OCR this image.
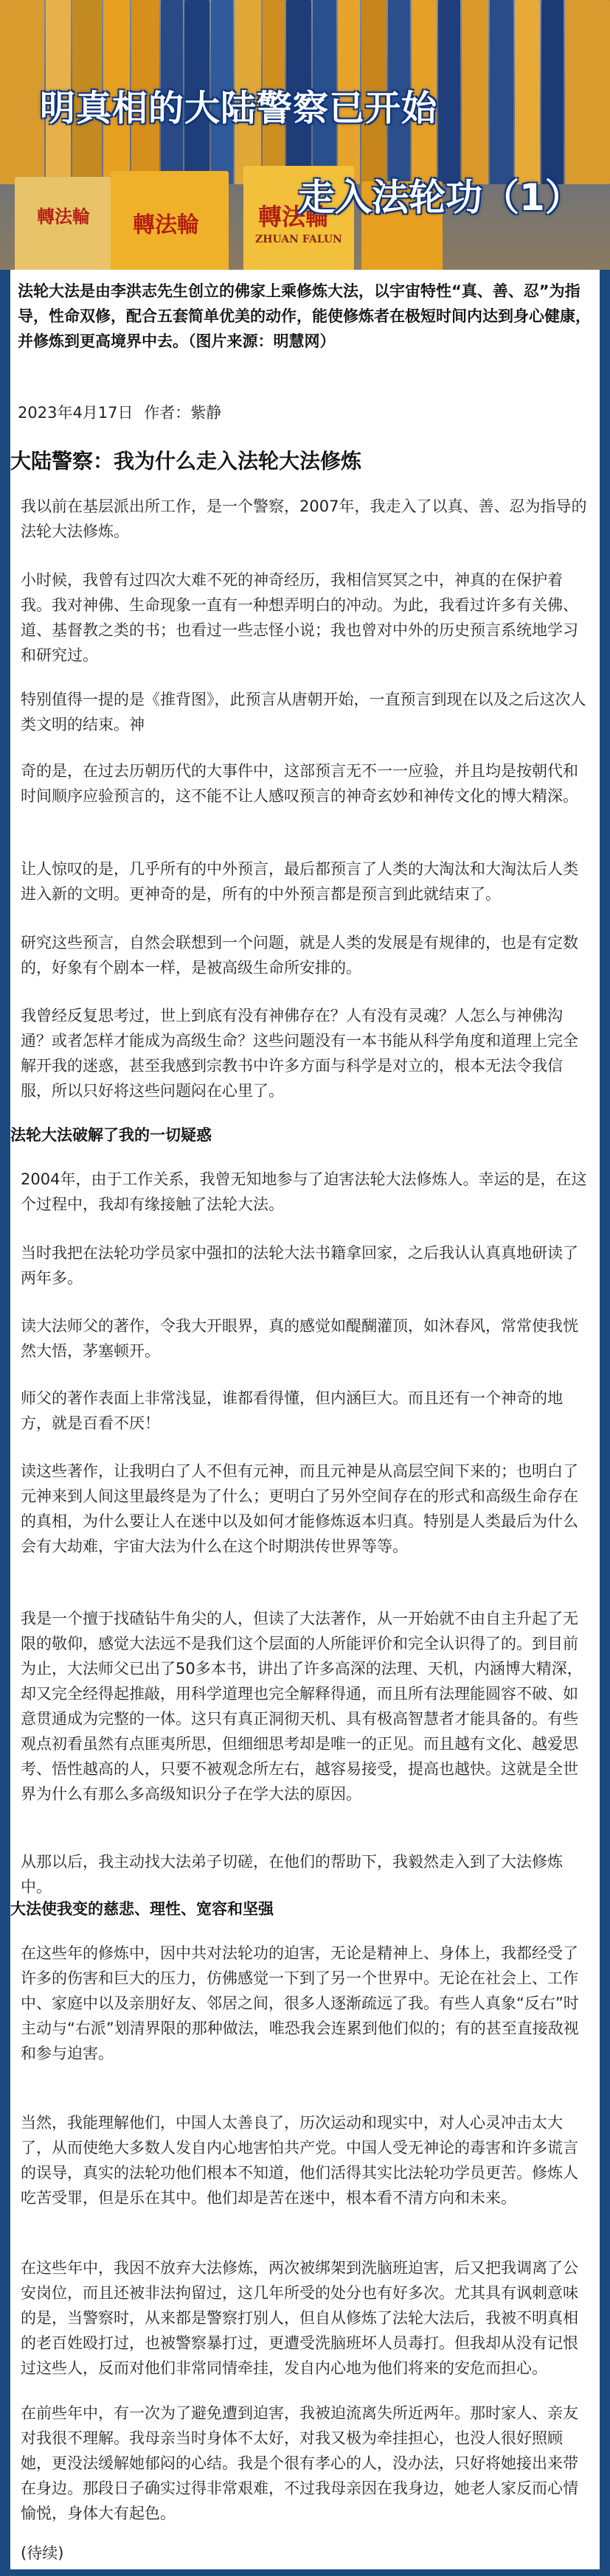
轉法輪 轉法輪	轉法輪
ZHUAN FALUN
明真相的大陆警察已开始
走入法轮功（1）
法轮大法是由李洪志先生创立的佛家上乘修炼大法，以宇宙特性“真、善、忍”为指导，性命双修，配合五套简单优美的动作，能使修炼者在极短时间内达到身心健康，并修炼到更高境界中去。（图片来源：明慧网）
2023年4月17日 作者：紫静
大陆警察：我为什么走入法轮大法修炼
我以前在基层派出所工作，是一个警察，2007年，我走入了以真、善、忍为指导的法轮大法修炼。
小时候，我曾有过四次大难不死的神奇经历，我相信冥冥之中，神真的在保护着我。我对神佛、生命现象一直有一种想弄明白的冲动。为此，我看过许多有关佛、道、基督教之类的书；也看过一些志怪小说；我也曾对中外的历史预言系统地学习和研究过。
特别值得一提的是《推背图》，此预言从唐朝开始，一直预言到现在以及之后这次人类文明的结束。神
奇的是，在过去历朝历代的大事件中，这部预言无不一一应验，并且均是按朝代和时间顺序应验预言的，这不能不让人感叹预言的神奇玄妙和神传文化的博大精深。
让人惊叹的是，几乎所有的中外预言，最后都预言了人类的大淘汰和大淘汰后人类进入新的文明。更神奇的是，所有的中外预言都是预言到此就结束了。
研究这些预言，自然会联想到一个问题，就是人类的发展是有规律的，也是有定数的，好象有个剧本一样，是被高级生命所安排的。
我曾经反复思考过，世上到底有没有神佛存在？人有没有灵魂？人怎么与神佛沟通？或者怎样才能成为高级生命？这些问题没有一本书能从科学角度和道理上完全解开我的迷惑，甚至我感到宗教书中许多方面与科学是对立的，根本无法令我信服，所以只好将这些问题闷在心里了。
法轮大法破解了我的一切疑惑
2004年，由于工作关系，我曾无知地参与了迫害法轮大法修炼人。幸运的是，在这个过程中，我却有缘接触了法轮大法。
当时我把在法轮功学员家中强扣的法轮大法书籍拿回家，之后我认认真真地研读了两年多。
读大法师父的著作，令我大开眼界，真的感觉如醍醐灌顶，如沐春风，常常使我恍然大悟，茅塞顿开。
师父的著作表面上非常浅显，谁都看得懂，但内涵巨大。而且还有一个神奇的地方，就是百看不厌！
读这些著作，让我明白了人不但有元神，而且元神是从高层空间下来的；也明白了元神来到人间这里最终是为了什么；更明白了另外空间存在的形式和高级生命存在的真相，为什么要让人在迷中以及如何才能修炼返本归真。特别是人类最后为什么会有大劫难，宇宙大法为什么在这个时期洪传世界等等。
我是一个擅于找碴钻牛角尖的人，但读了大法著作，从一开始就不由自主升起了无限的敬仰，感觉大法远不是我们这个层面的人所能评价和完全认识得了的。到目前为止，大法师父已出了50多本书，讲出了许多高深的法理、天机，内涵博大精深，却又完全经得起推敲，用科学道理也完全解释得通，而且所有法理能圆容不破、如意贯通成为完整的一体。这只有真正洞彻天机、具有极高智慧者才能具备的。有些观点初看虽然有点匪夷所思，但细细思考却是唯一的正见。而且越有文化、越爱思考、悟性越高的人，只要不被观念所左右，越容易接受，提高也越快。这就是全世界为什么有那么多高级知识分子在学大法的原因。
从那以后，我主动找大法弟子切磋，在他们的帮助下，我毅然走入到了大法修炼中。
大法使我变的慈悲、理性、宽容和坚强
在这些年的修炼中，因中共对法轮功的迫害，无论是精神上、身体上，我都经受了许多的伤害和巨大的压力，仿佛感觉一下到了另一个世界中。无论在社会上、工作中、家庭中以及亲朋好友、邻居之间，很多人逐渐疏远了我。有些人真象“反右”时主动与“右派”划清界限的那种做法，唯恐我会连累到他们似的；有的甚至直接敌视和参与迫害。
当然，我能理解他们，中国人太善良了，历次运动和现实中，对人心灵冲击太大了，从而使绝大多数人发自内心地害怕共产党。中国人受无神论的毒害和许多谎言的误导，真实的法轮功他们根本不知道，他们活得其实比法轮功学员更苦。修炼人吃苦受罪，但是乐在其中。他们却是苦在迷中，根本看不清方向和未来。
在这些年中，我因不放弃大法修炼，两次被绑架到洗脑班迫害，后又把我调离了公安岗位，而且还被非法拘留过，这几年所受的处分也有好多次。尤其具有讽刺意味的是，当警察时，从来都是警察打别人，但自从修炼了法轮大法后，我被不明真相的老百姓殴打过，也被警察暴打过，更遭受洗脑班坏人员毒打。但我却从没有记恨过这些人，反而对他们非常同情牵挂，发自内心地为他们将来的安危而担心。
在前些年中，有一次为了避免遭到迫害，我被迫流离失所近两年。那时家人、亲友对我很不理解。我母亲当时身体不太好，对我又极为牵挂担心，也没人很好照顾她，更没法缓解她郁闷的心结。我是个很有孝心的人，没办法，只好将她接出来带在身边。那段日子确实过得非常艰难，不过我母亲因在我身边，她老人家反而心情愉悦，身体大有起色。
(待续)
